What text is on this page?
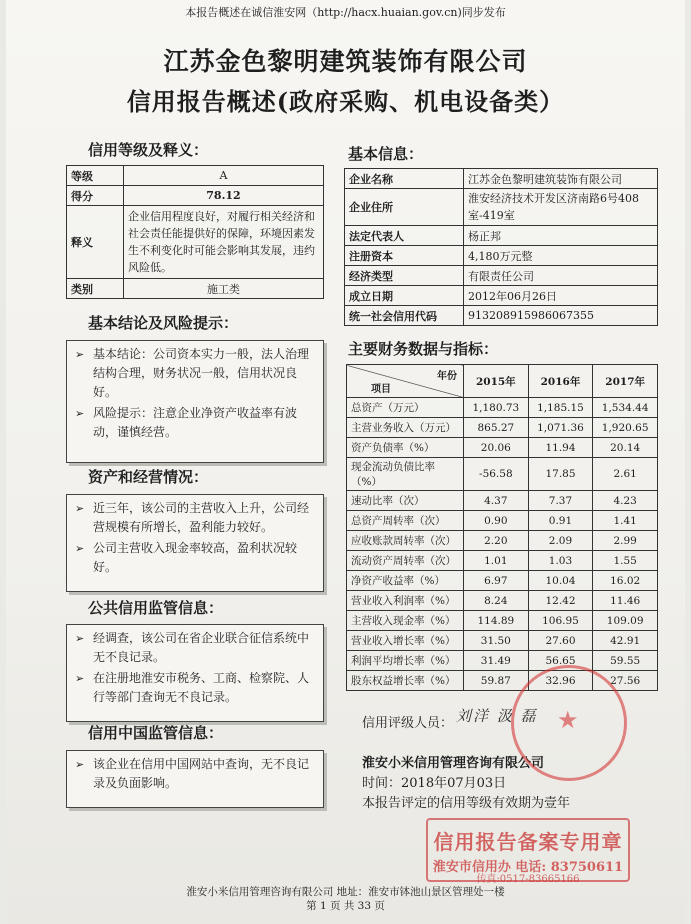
本报告概述在诚信淮安网（http://hacx.huaian.gov.cn)同步发布
江苏金色黎明建筑装饰有限公司
信用报告概述(政府采购、机电设备类）
信用等级及释义：
等级	A
得分	78.12
释义	企业信用程度良好，对履行相关经济和社会责任能提供好的保障，环境因素发生不利变化时可能会影响其发展，违约风险低。
类别	施工类
基本结论及风险提示：
➢ 基本结论：公司资本实力一般，法人治理结构合理，财务状况一般，信用状况良好。
➢ 风险提示：注意企业净资产收益率有波动，谨慎经营。
资产和经营情况：
➢ 近三年，该公司的主营收入上升，公司经营规模有所增长，盈利能力较好。
➢ 公司主营收入现金率较高，盈利状况较好。
公共信用监管信息：
➢ 经调查，该公司在省企业联合征信系统中无不良记录。
➢ 在注册地淮安市税务、工商、检察院、人行等部门查询无不良记录。
信用中国监管信息：
➢ 该企业在信用中国网站中查询，无不良记录及负面影响。
基本信息：
企业名称	江苏金色黎明建筑装饰有限公司
企业住所	淮安经济技术开发区济南路6号408室-419室
法定代表人	杨正邦
注册资本	4,180万元整
经济类型	有限责任公司
成立日期	2012年06月26日
统一社会信用代码	913208915986067355
主要财务数据与指标：
年份
项目	2015年	2016年	2017年
总资产（万元）	1,180.73	1,185.15	1,534.44
主营业务收入（万元）	865.27	1,071.36	1,920.65
资产负债率（%）	20.06	11.94	20.14
现金流动负债比率（%）	-56.58	17.85	2.61
速动比率（次）	4.37	7.37	4.23
总资产周转率（次）	0.90	0.91	1.41
应收账款周转率（次）	2.20	2.09	2.99
流动资产周转率（次）	1.01	1.03	1.55
净资产收益率（%）	6.97	10.04	16.02
营业收入利润率（%）	8.24	12.42	11.46
主营收入现金率（%）	114.89	106.95	109.09
营业收入增长率（%）	31.50	27.60	42.91
利润平均增长率（%）	31.49	56.65	59.55
股东权益增长率（%）	59.87	32.96	27.56
信用评级人员： 刘洋 汲 磊
淮安小米信用管理咨询有限公司
时间：2018年07月03日
本报告评定的信用等级有效期为壹年
★
信用报告备案专用章
淮安市信用办 电话: 83750611
传真:0517-83665166
淮安小米信用管理咨询有限公司 地址：淮安市钵池山景区管理处一楼
第 1 页 共 33 页
